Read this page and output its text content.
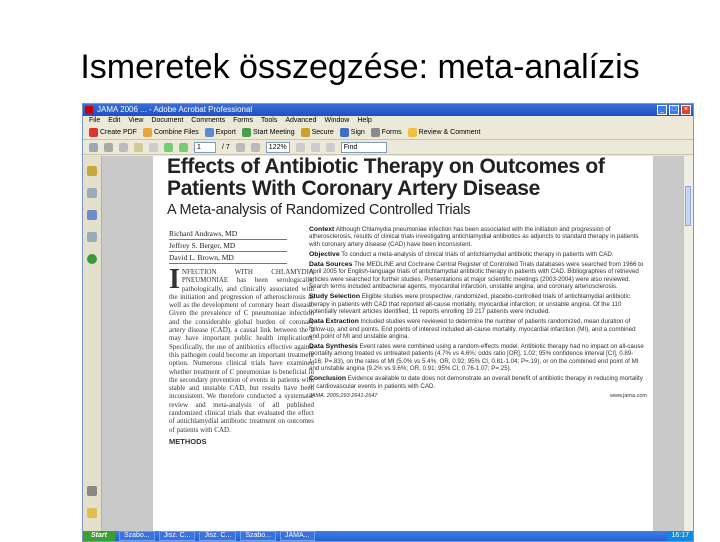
Ismeretek összegzése: meta-analízis
JAMA 2006 ... - Adobe Acrobat Professional	_	□	×
File Edit View Document Comments Forms Tools Advanced Window Help
Create PDF Combine Files Export Start Meeting Secure Sign Forms Review & Comment
1	/ 7	122%	Find
Effects of Antibiotic Therapy on Outcomes of Patients With Coronary Artery Disease
A Meta-analysis of Randomized Controlled Trials
Richard Andraws, MD
Jeffrey S. Berger, MD
David L. Brown, MD
INFECTION WITH CHLAMYDIA PNEUMONIAE has been serologically, pathologically, and clinically associated with the initiation and progression of atherosclerosis as well as the development of coronary heart disease. Given the prevalence of C pneumoniae infection and the considerable global burden of coronary artery disease (CAD), a causal link between the 2 may have important public health implications. Specifically, the use of antibiotics effective against this pathogen could become an important treatment option. Numerous clinical trials have examined whether treatment of C pneumoniae is beneficial in the secondary prevention of events in patients with stable and unstable CAD, but results have been inconsistent. We therefore conducted a systematic review and meta-analysis of all published randomized clinical trials that evaluated the effect of antichlamydial antibiotic treatment on outcomes of patients with CAD.
METHODS

Context Although Chlamydia pneumoniae infection has been associated with the initiation and progression of atherosclerosis, results of clinical trials investigating antichlamydial antibiotics as adjuncts to standard therapy in patients with coronary artery disease (CAD) have been inconsistent.

Objective To conduct a meta-analysis of clinical trials of antichlamydial antibiotic therapy in patients with CAD.

Data Sources The MEDLINE and Cochrane Central Register of Controlled Trials databases were searched from 1966 to April 2005 for English-language trials of antichlamydial antibiotic therapy in patients with CAD. Bibliographies of retrieved articles were searched for further studies. Presentations at major scientific meetings (2003-2004) were also reviewed. Search terms included antibacterial agents, myocardial infarction, unstable angina, and coronary arteriosclerosis.

Study Selection Eligible studies were prospective, randomized, placebo-controlled trials of antichlamydial antibiotic therapy in patients with CAD that reported all-cause mortality, myocardial infarction, or unstable angina. Of the 110 potentially relevant articles identified, 11 reports enrolling 19 217 patients were included.

Data Extraction Included studies were reviewed to determine the number of patients randomized, mean duration of follow-up, and end points. End points of interest included all-cause mortality, myocardial infarction (MI), and a combined end point of MI and unstable angina.

Data Synthesis Event rates were combined using a random-effects model. Antibiotic therapy had no impact on all-cause mortality among treated vs untreated patients (4.7% vs 4.6%; odds ratio [OR], 1.02; 95% confidence interval [CI], 0.89-1.16; P=.83), on the rates of MI (5.0% vs 5.4%; OR, 0.92; 95% CI, 0.81-1.04; P=.19), or on the combined end point of MI and unstable angina (9.2% vs 9.6%; OR, 0.91; 95% CI, 0.76-1.07; P=.25).

Conclusion Evidence available to date does not demonstrate an overall benefit of antibiotic therapy in reducing mortality or cardiovascular events in patients with CAD.

JAMA. 2005;293:2641-2647	www.jama.com
Start	Szabo...	Jisz. C...	Jisz. C...	Szabo...	JAMA...	16:17
